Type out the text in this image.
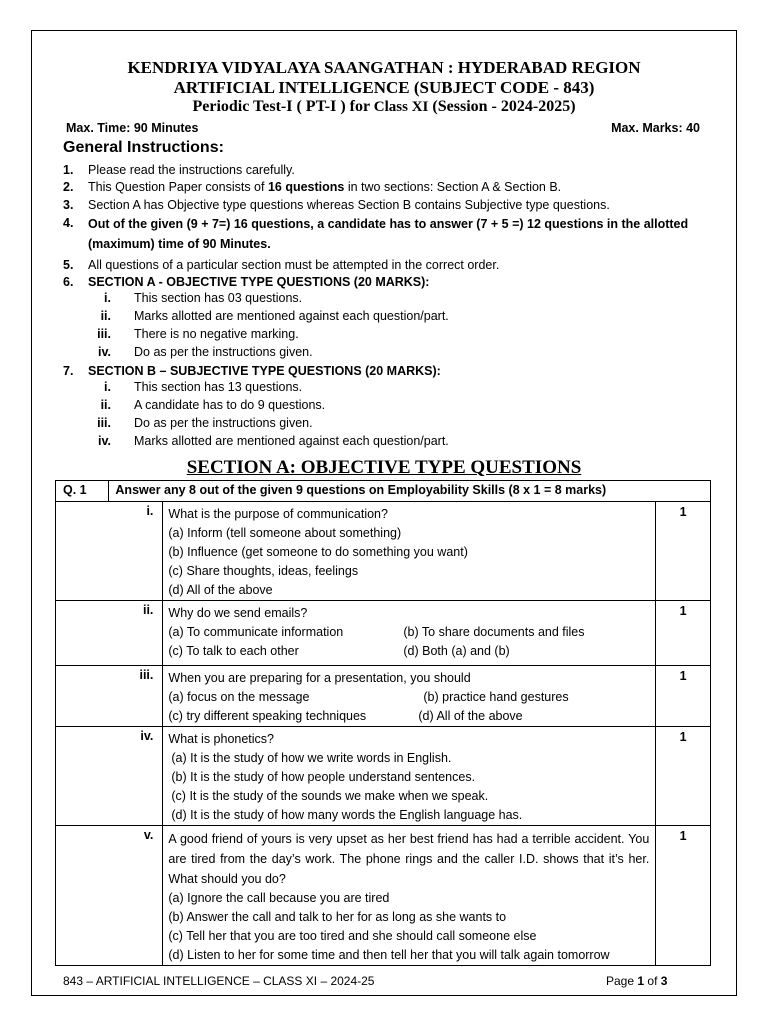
KENDRIYA VIDYALAYA SAANGATHAN : HYDERABAD REGION
ARTIFICIAL INTELLIGENCE (SUBJECT CODE - 843)
Periodic Test-I ( PT-I ) for Class XI (Session - 2024-2025)
Max. Time: 90 Minutes	Max. Marks: 40
General Instructions:
1.	Please read the instructions carefully.
2.	This Question Paper consists of 16 questions in two sections: Section A & Section B.
3.	Section A has Objective type questions whereas Section B contains Subjective type questions.
4.	Out of the given (9 + 7=) 16 questions, a candidate has to answer (7 + 5 =) 12 questions in the allotted (maximum) time of 90 Minutes.
5.	All questions of a particular section must be attempted in the correct order.
6.	SECTION A - OBJECTIVE TYPE QUESTIONS (20 MARKS):
i. This section has 03 questions.
ii. Marks allotted are mentioned against each question/part.
iii. There is no negative marking.
iv. Do as per the instructions given.
7.	SECTION B – SUBJECTIVE TYPE QUESTIONS (20 MARKS):
i. This section has 13 questions.
ii. A candidate has to do 9 questions.
iii. Do as per the instructions given.
iv. Marks allotted are mentioned against each question/part.
SECTION A: OBJECTIVE TYPE QUESTIONS
Q. 1	Answer any 8 out of the given 9 questions on Employability Skills (8 x 1 = 8 marks)		
	i.	What is the purpose of communication?
(a) Inform (tell someone about something)
(b) Influence (get someone to do something you want)
(c) Share thoughts, ideas, feelings
(d) All of the above	1
	ii.	Why do we send emails?
(a) To communicate information (b) To share documents and files
(c) To talk to each other (d) Both (a) and (b)	1
	iii.	When you are preparing for a presentation, you should
(a) focus on the message (b) practice hand gestures
(c) try different speaking techniques (d) All of the above	1
	iv.	What is phonetics?
(a) It is the study of how we write words in English.
(b) It is the study of how people understand sentences.
(c) It is the study of the sounds we make when we speak.
(d) It is the study of how many words the English language has.	1
	v.	A good friend of yours is very upset as her best friend has had a terrible accident. You are tired from the day’s work. The phone rings and the caller I.D. shows that it’s her. What should you do?
(a) Ignore the call because you are tired
(b) Answer the call and talk to her for as long as she wants to
(c) Tell her that you are too tired and she should call someone else
(d) Listen to her for some time and then tell her that you will talk again tomorrow	1
843 – ARTIFICIAL INTELLIGENCE – CLASS XI – 2024-25	Page 1 of 3
